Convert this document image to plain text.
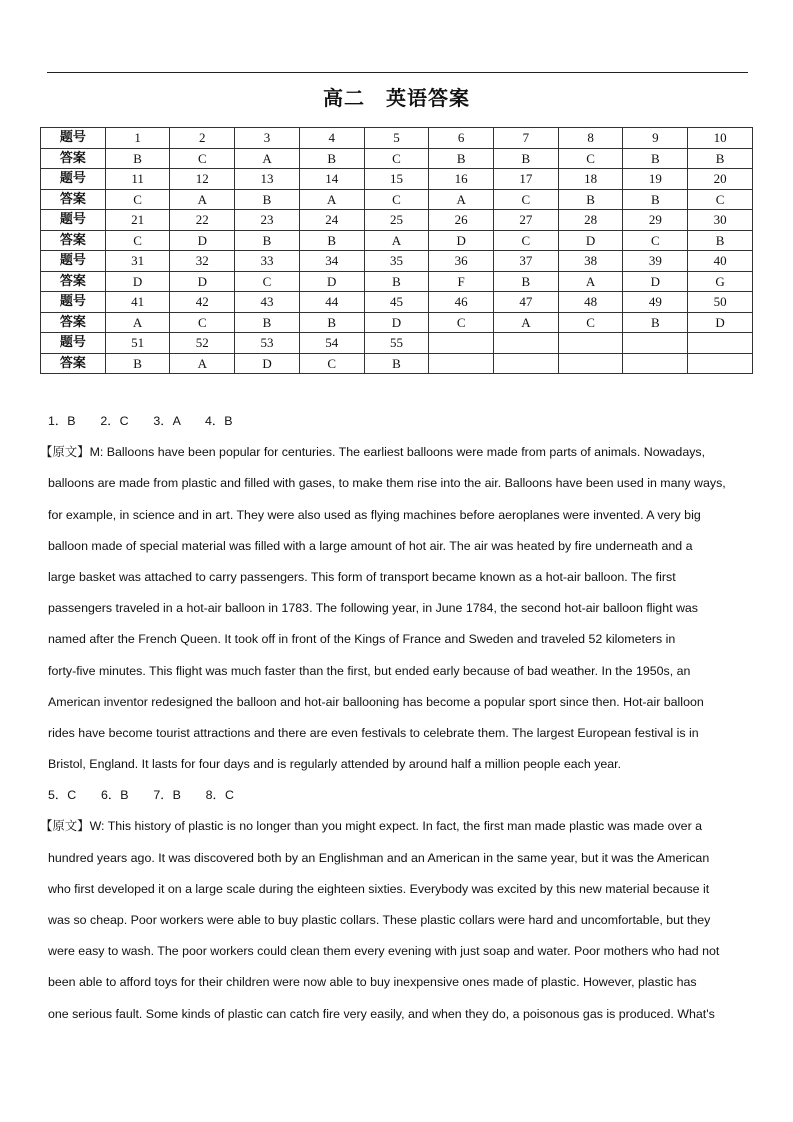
高二　英语答案
题号	1	2	3	4	5	6	7	8	9	10
答案	B	C	A	B	C	B	B	C	B	B
题号	11	12	13	14	15	16	17	18	19	20
答案	C	A	B	A	C	A	C	B	B	C
题号	21	22	23	24	25	26	27	28	29	30
答案	C	D	B	B	A	D	C	D	C	B
题号	31	32	33	34	35	36	37	38	39	40
答案	D	D	C	D	B	F	B	A	D	G
题号	41	42	43	44	45	46	47	48	49	50
答案	A	C	B	B	D	C	A	C	B	D
题号	51	52	53	54	55					
答案	B	A	D	C	B					
1．B　　2．C　　3．A　　4．B
【原文】M: Balloons have been popular for centuries. The earliest balloons were made from parts of animals. Nowadays,
balloons are made from plastic and filled with gases, to make them rise into the air. Balloons have been used in many ways,
for example, in science and in art. They were also used as flying machines before aeroplanes were invented. A very big
balloon made of special material was filled with a large amount of hot air. The air was heated by fire underneath and a
large basket was attached to carry passengers. This form of transport became known as a hot-air balloon. The first
passengers traveled in a hot-air balloon in 1783. The following year, in June 1784, the second hot-air balloon flight was
named after the French Queen. It took off in front of the Kings of France and Sweden and traveled 52 kilometers in
forty-five minutes. This flight was much faster than the first, but ended early because of bad weather. In the 1950s, an
American inventor redesigned the balloon and hot-air ballooning has become a popular sport since then. Hot-air balloon
rides have become tourist attractions and there are even festivals to celebrate them. The largest European festival is in
Bristol, England. It lasts for four days and is regularly attended by around half a million people each year.
5．C　　6．B　　7．B　　8．C
【原文】W: This history of plastic is no longer than you might expect. In fact, the first man made plastic was made over a
hundred years ago. It was discovered both by an Englishman and an American in the same year, but it was the American
who first developed it on a large scale during the eighteen sixties. Everybody was excited by this new material because it
was so cheap. Poor workers were able to buy plastic collars. These plastic collars were hard and uncomfortable, but they
were easy to wash. The poor workers could clean them every evening with just soap and water. Poor mothers who had not
been able to afford toys for their children were now able to buy inexpensive ones made of plastic. However, plastic has
one serious fault. Some kinds of plastic can catch fire very easily, and when they do, a poisonous gas is produced. What's
